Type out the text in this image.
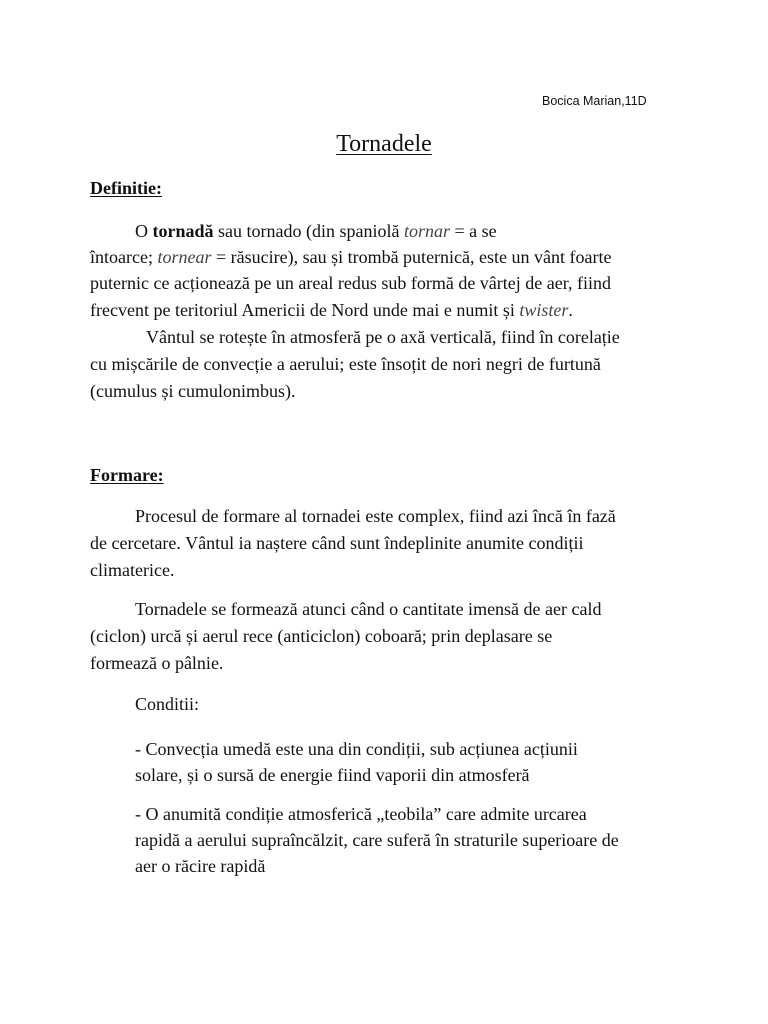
Bocica Marian,11D
Tornadele
Definitie:
O tornadă sau tornado (din spaniolă tornar = a se
întoarce; tornear = răsucire), sau și trombă puternică, este un vânt foarte
puternic ce acționează pe un areal redus sub formă de vârtej de aer, fiind
frecvent pe teritoriul Americii de Nord unde mai e numit și twister.
Vântul se rotește în atmosferă pe o axă verticală, fiind în corelație
cu mișcările de convecție a aerului; este însoțit de nori negri de furtună
(cumulus și cumulonimbus).
Formare:
Procesul de formare al tornadei este complex, fiind azi încă în fază
de cercetare. Vântul ia naștere când sunt îndeplinite anumite condiții
climaterice.
Tornadele se formează atunci când o cantitate imensă de aer cald
(ciclon) urcă și aerul rece (anticiclon) coboară; prin deplasare se
formează o pâlnie.
Conditii:
- Convecția umedă este una din condiții, sub acțiunea acțiunii
solare, și o sursă de energie fiind vaporii din atmosferă
- O anumită condiție atmosferică „teobila” care admite urcarea
rapidă a aerului supraîncălzit, care suferă în straturile superioare de
aer o răcire rapidă
